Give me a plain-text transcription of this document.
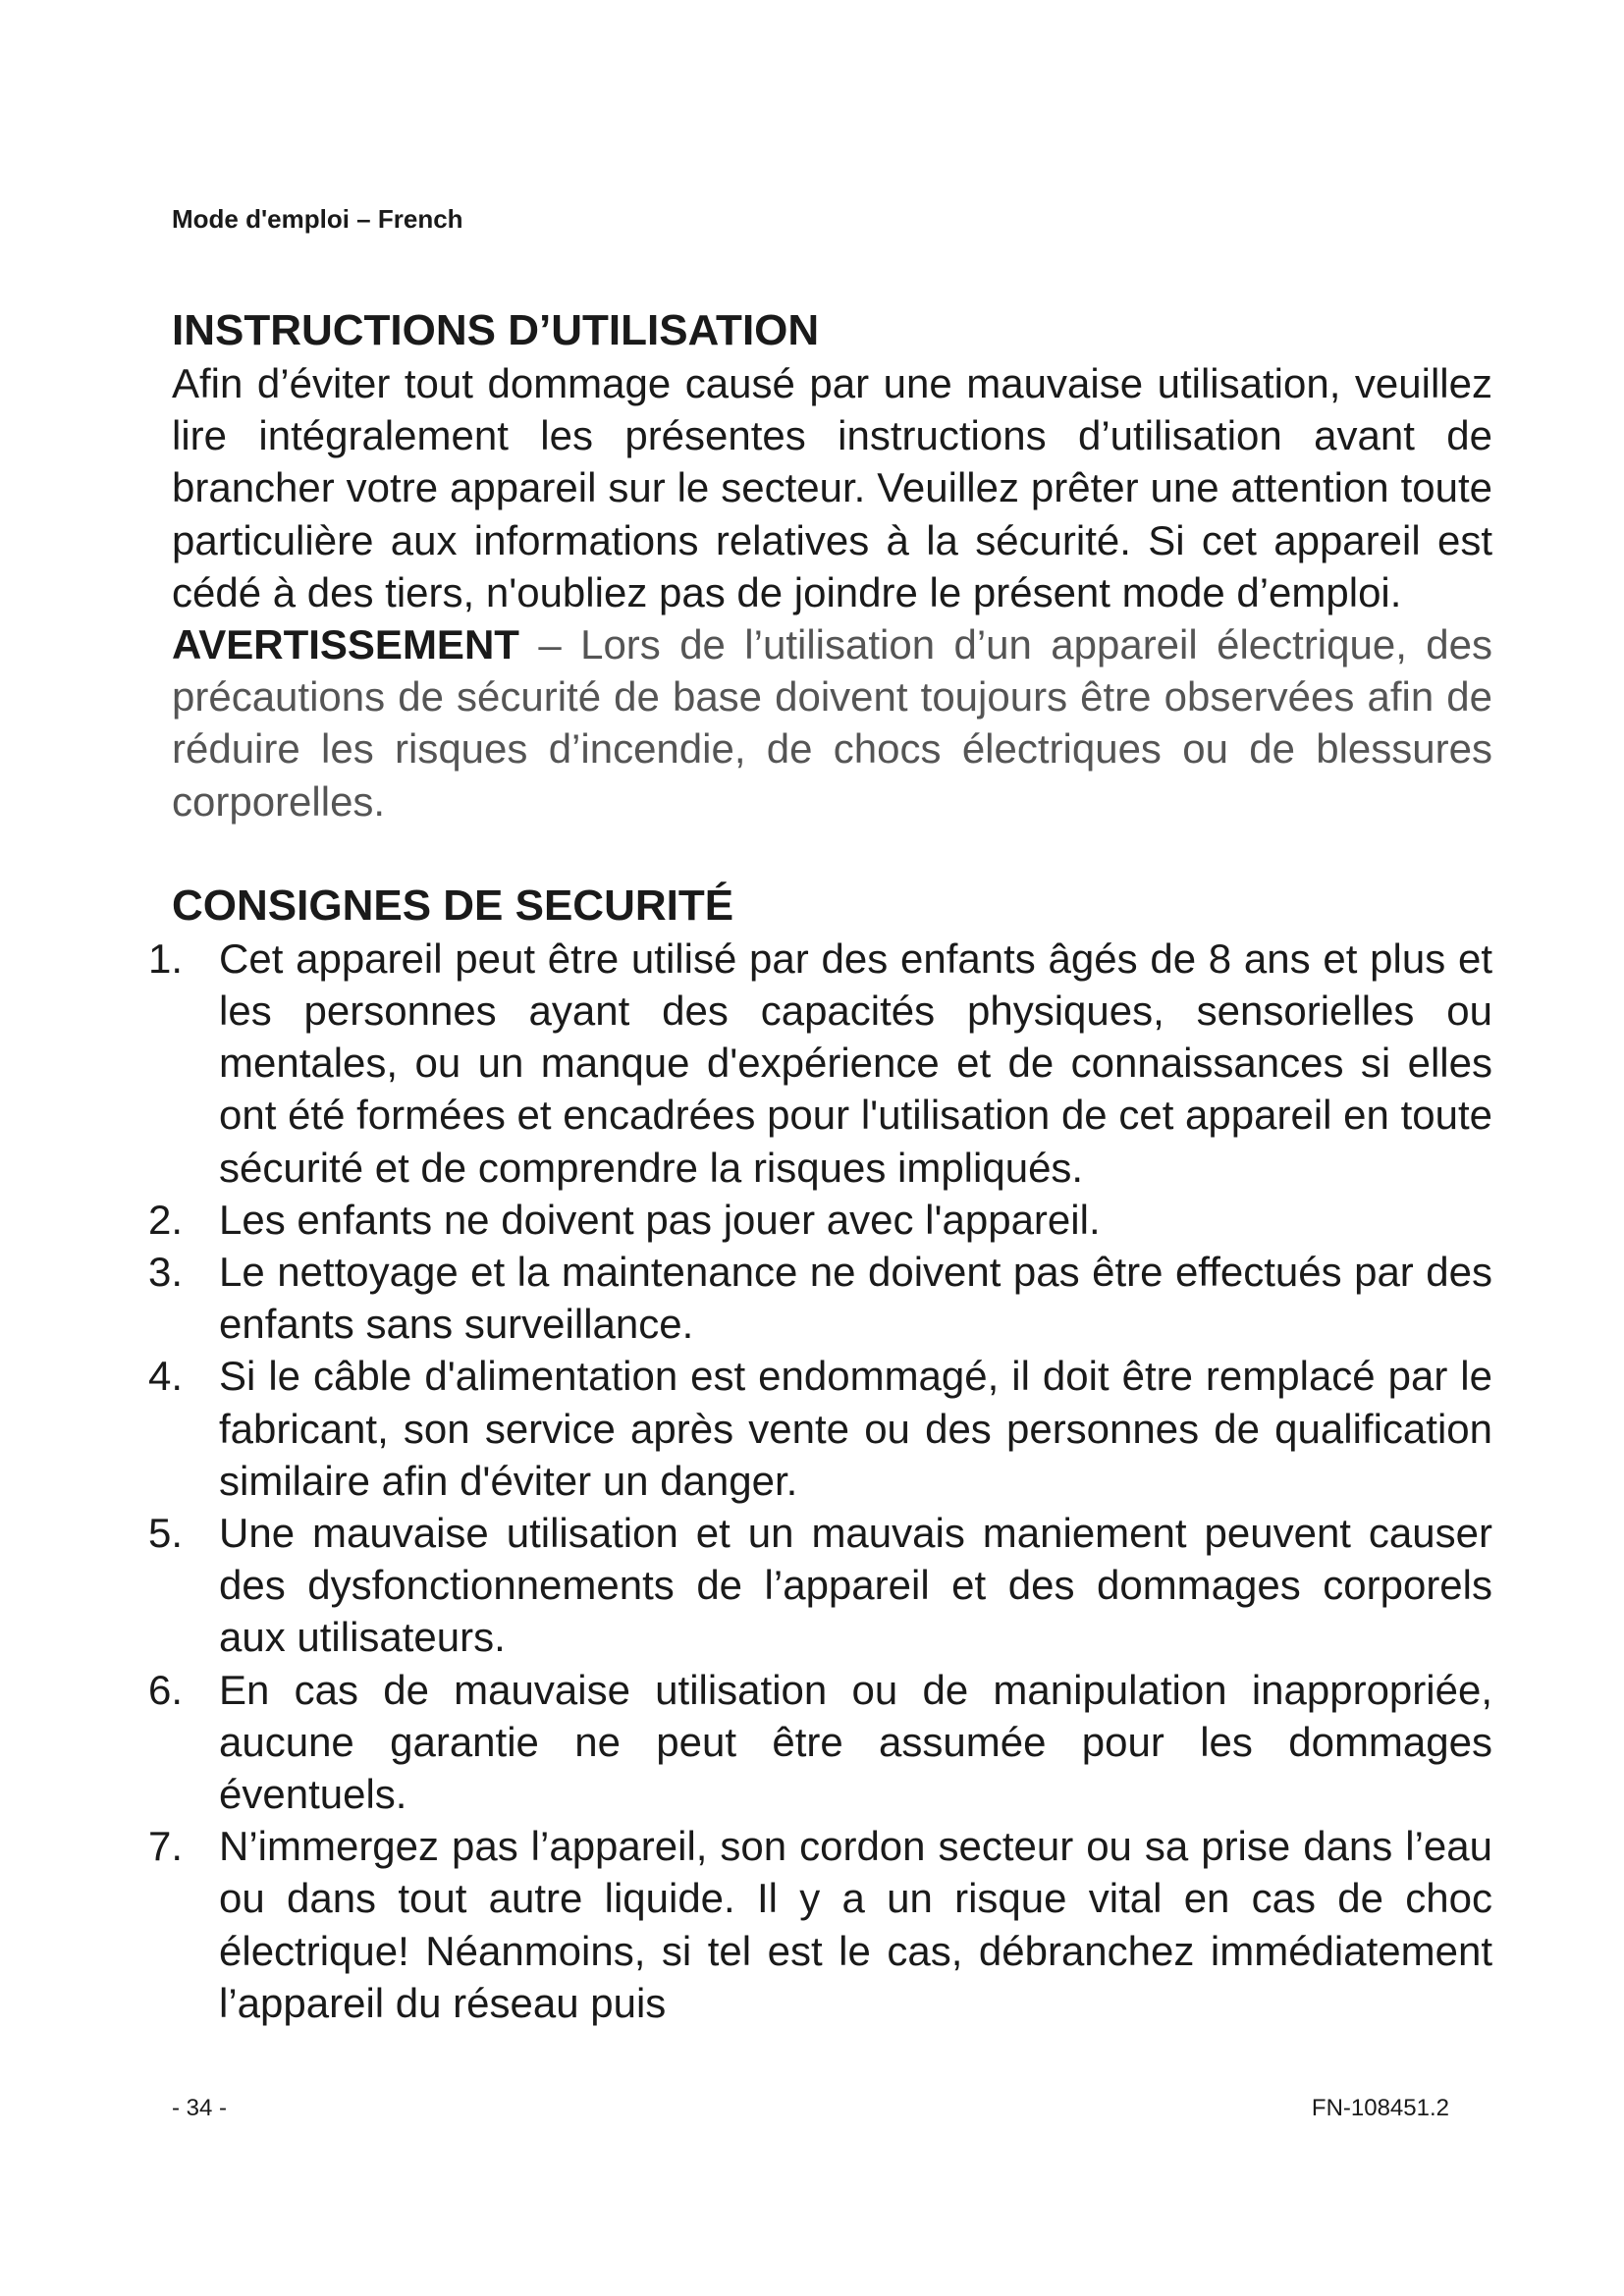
Mode d'emploi – French
INSTRUCTIONS D’UTILISATION

Afin d’éviter tout dommage causé par une mauvaise utilisation, veuillez lire intégralement les présentes instructions d’utilisation avant de brancher votre appareil sur le secteur. Veuillez prêter une attention toute particulière aux informations relatives à la sécurité. Si cet appareil est cédé à des tiers, n'oubliez pas de joindre le présent mode d’emploi.

AVERTISSEMENT – Lors de l’utilisation d’un appareil électrique, des précautions de sécurité de base doivent toujours être observées afin de réduire les risques d’incendie, de chocs électriques ou de blessures corporelles.

CONSIGNES DE SECURITÉ
1. Cet appareil peut être utilisé par des enfants âgés de 8 ans et plus et les personnes ayant des capacités physiques, sensorielles ou mentales, ou un manque d'expérience et de connaissances si elles ont été formées et encadrées pour l'utilisation de cet appareil en toute sécurité et de comprendre la risques impliqués.
2. Les enfants ne doivent pas jouer avec l'appareil.
3. Le nettoyage et la maintenance ne doivent pas être effectués par des enfants sans surveillance.
4. Si le câble d'alimentation est endommagé, il doit être remplacé par le fabricant, son service après vente ou des personnes de qualification similaire afin d'éviter un danger.
5. Une mauvaise utilisation et un mauvais maniement peuvent causer des dysfonctionnements de l’appareil et des dommages corporels aux utilisateurs.
6. En cas de mauvaise utilisation ou de manipulation inappropriée, aucune garantie ne peut être assumée pour les dommages éventuels.
7. N’immergez pas l’appareil, son cordon secteur ou sa prise dans l’eau ou dans tout autre liquide. Il y a un risque vital en cas de choc électrique! Néanmoins, si tel est le cas, débranchez immédiatement l’appareil du réseau puis
- 34 -	FN-108451.2
